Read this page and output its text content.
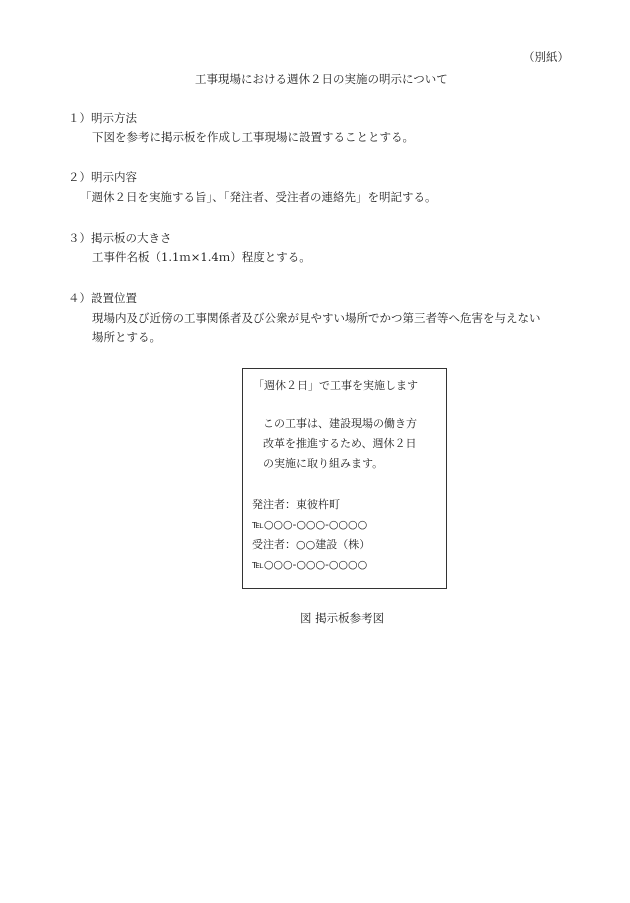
（別紙）
工事現場における週休２日の実施の明示について
１）明示方法
下図を参考に掲示板を作成し工事現場に設置することとする。
２）明示内容
「週休２日を実施する旨」、「発注者、受注者の連絡先」を明記する。
３）掲示板の大きさ
工事件名板（1.1ｍ×1.4ｍ）程度とする。
４）設置位置
現場内及び近傍の工事関係者及び公衆が見やすい場所でかつ第三者等へ危害を与えない
場所とする。
「週休２日」で工事を実施します
この工事は、建設現場の働き方
改革を推進するため、週休２日
の実施に取り組みます。
発注者：東彼杵町
℡○○○-○○○-○○○○
受注者：○○建設（株）
℡○○○-○○○-○○○○
図 掲示板参考図
